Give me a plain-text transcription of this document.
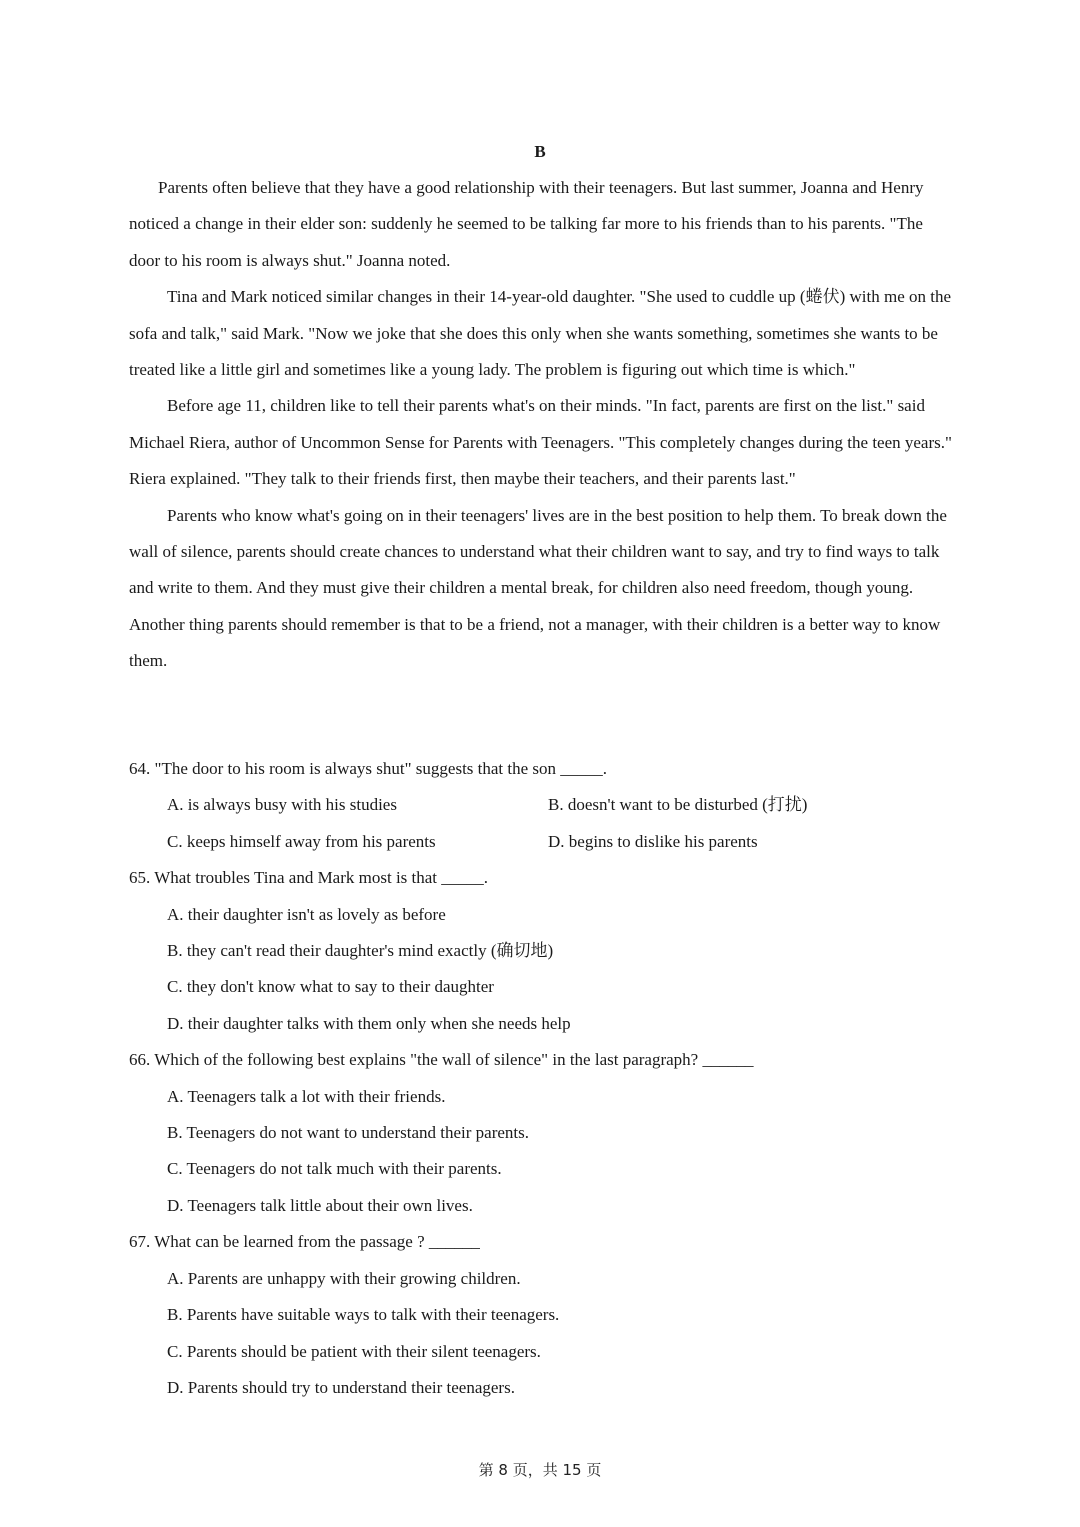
B

Parents often believe that they have a good relationship with their teenagers. But last summer, Joanna and Henry noticed a change in their elder son: suddenly he seemed to be talking far more to his friends than to his parents. "The door to his room is always shut." Joanna noted.

Tina and Mark noticed similar changes in their 14-year-old daughter. "She used to cuddle up (蜷伏) with me on the sofa and talk," said Mark. "Now we joke that she does this only when she wants something, sometimes she wants to be treated like a little girl and sometimes like a young lady. The problem is figuring out which time is which."

Before age 11, children like to tell their parents what's on their minds. "In fact, parents are first on the list." said Michael Riera, author of Uncommon Sense for Parents with Teenagers. "This completely changes during the teen years." Riera explained. "They talk to their friends first, then maybe their teachers, and their parents last."

Parents who know what's going on in their teenagers' lives are in the best position to help them. To break down the wall of silence, parents should create chances to understand what their children want to say, and try to find ways to talk and write to them. And they must give their children a mental break, for children also need freedom, though young. Another thing parents should remember is that to be a friend, not a manager, with their children is a better way to know them.

64. "The door to his room is always shut" suggests that the son _____.
A. is always busy with his studies	B. doesn't want to be disturbed (打扰)
C. keeps himself away from his parents	D. begins to dislike his parents
65. What troubles Tina and Mark most is that _____.
A. their daughter isn't as lovely as before
B. they can't read their daughter's mind exactly (确切地)
C. they don't know what to say to their daughter
D. their daughter talks with them only when she needs help
66. Which of the following best explains "the wall of silence" in the last paragraph? ______
A. Teenagers talk a lot with their friends.
B. Teenagers do not want to understand their parents.
C. Teenagers do not talk much with their parents.
D. Teenagers talk little about their own lives.
67. What can be learned from the passage ? ______
A. Parents are unhappy with their growing children.
B. Parents have suitable ways to talk with their teenagers.
C. Parents should be patient with their silent teenagers.
D. Parents should try to understand their teenagers.
第 8 页，共 15 页
